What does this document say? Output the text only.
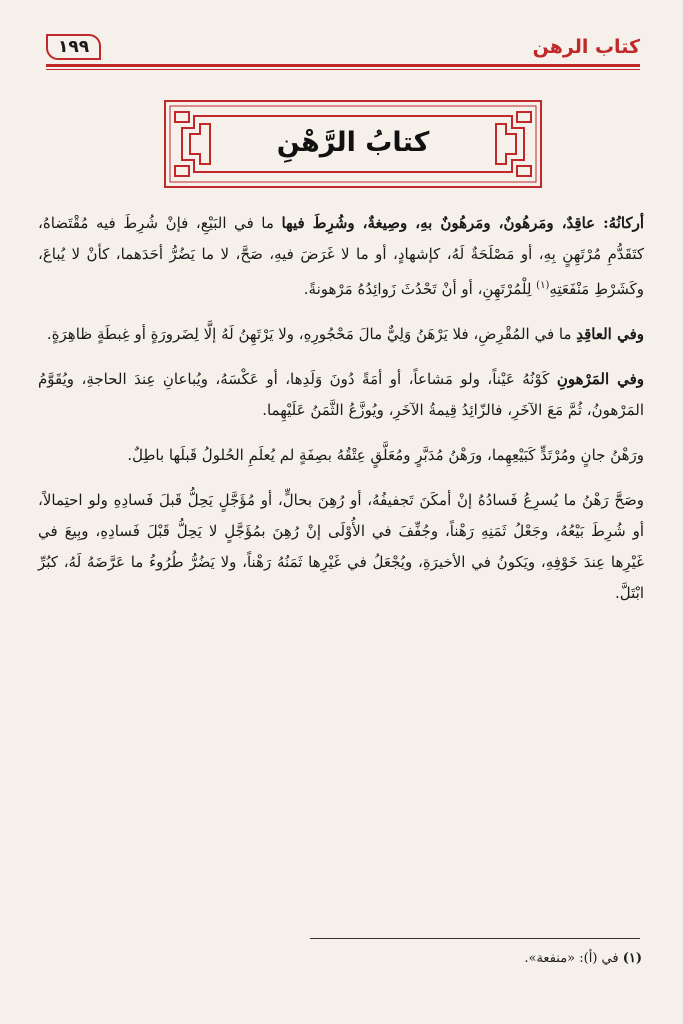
كتاب الرهن
١٩٩
كتابُ الرَّهْنِ

أركانُهُ: عاقِدٌ، ومَرهُونٌ، ومَرهُونٌ بهِ، وصِيغةٌ، وشُرِطَ فيها ما في البَيْعِ، فإنْ شُرِطَ فيه مُقْتَضاهُ، كتَقَدُّمِ مُرْتَهِنٍ بِهِ، أو مَصْلَحَةٌ لَهُ، كإشهادٍ، أو ما لا غَرَضَ فيهِ، صَحَّ، لا ما يَضُرُّ أحَدَهما، كأنْ لا يُباعَ، وكَشَرْطِ مَنْفَعَتِهِ$^{(١)}$ لِلْمُرْتَهِنِ، أو أنْ تَحْدُثَ زَوائِدُهُ مَرْهونةً.

وفي العاقِدِ ما في المُقْرِضِ، فلا يَرْهَنُ وَلِيٌّ مالَ مَحْجُورِهِ، ولا يَرْتَهِنُ لَهُ إلَّا لِضَرورَةٍ أو غِبطَةٍ ظاهِرَةٍ.

وفي المَرْهونِ كَوْنُهُ عَيْناً، ولو مَشاعاً، أو أمَةً دُونَ وَلَدِها، أو عَكْسَهُ، ويُباعانِ عِندَ الحاجةِ، ويُقَوَّمُ المَرْهونُ، ثُمَّ مَعَ الآخَرِ، فالزّائِدُ قِيمةُ الآخَرِ، ويُوزَّعُ الثَّمَنُ عَلَيْهِما.

ورَهْنُ جانٍ ومُرْتَدٍّ كَبَيْعِهِما، ورَهْنُ مُدَبَّرٍ ومُعَلَّقٍ عِتْقُهُ بصِفَةٍ لم يُعلَمِ الحُلولُ قَبلَها باطِلٌ.

وصَحَّ رَهْنُ ما يُسرِعُ فَسادُهُ إنْ أمكَنَ تَجفيفُهُ، أو رُهِنَ بحالٍّ، أو مُؤَجَّلٍ يَحِلُّ قَبلَ فَسادِهِ ولو احتِمالاً، أو شُرِطَ بَيْعُهُ، وجَعْلُ ثَمَنِهِ رَهْناً، وجُفِّفَ في الأُوْلَى إنْ رُهِنَ بمُؤَجَّلٍ لا يَحِلُّ قَبْلَ فَسادِهِ، وبِيعَ في غَيْرِها عِندَ خَوْفِهِ، ويَكونُ في الأخيرَةِ، ويُجْعَلُ في غَيْرِها ثَمَنُهُ رَهْناً، ولا يَضُرُّ طُرُوءُ ما عَرَّضَهُ لَهُ، كبُرِّ ابْتَلَّ.

(١) في (أ): «منفعة».
